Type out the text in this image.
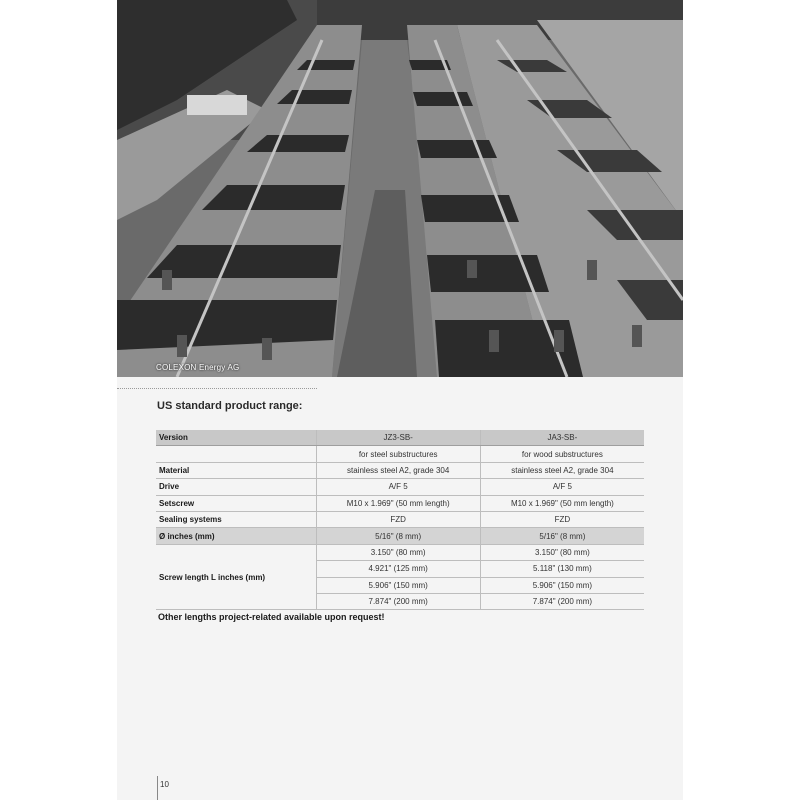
COLEXON Energy AG
US standard product range:
Version	JZ3-SB-	JA3-SB-
	for steel substructures	for wood substructures
Material	stainless steel A2, grade 304	stainless steel A2, grade 304
Drive	A/F 5	A/F 5
Setscrew	M10 x 1.969" (50 mm length)	M10 x 1.969" (50 mm length)
Sealing systems	FZD	FZD
Ø inches (mm)	5/16" (8 mm)	5/16" (8 mm)
Screw length L inches (mm)	3.150" (80 mm)	3.150" (80 mm)
	4.921" (125 mm)	5.118" (130 mm)
	5.906" (150 mm)	5.906" (150 mm)
	7.874" (200 mm)	7.874" (200 mm)
Other lengths project-related available upon request!
10
